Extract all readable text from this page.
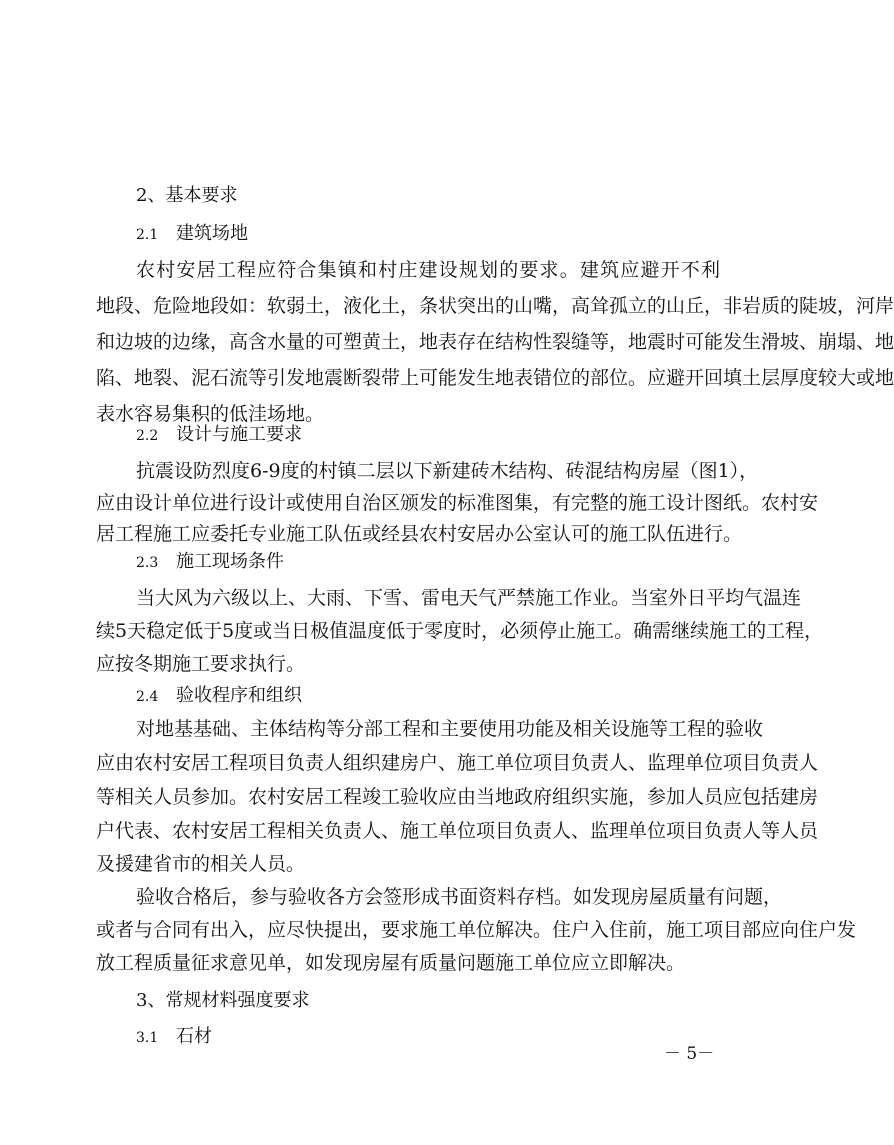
2、基本要求
2.1 建筑场地
农村安居工程应符合集镇和村庄建设规划的要求。建筑应避开不利
地段、危险地段如：软弱土，液化土，条状突出的山嘴，高耸孤立的山丘，非岩质的陡坡，河岸
和边坡的边缘，高含水量的可塑黄土，地表存在结构性裂缝等，地震时可能发生滑坡、崩塌、地
陷、地裂、泥石流等引发地震断裂带上可能发生地表错位的部位。应避开回填土层厚度较大或地
表水容易集积的低洼场地。
2.2 设计与施工要求
抗震设防烈度6-9度的村镇二层以下新建砖木结构、砖混结构房屋（图1），
应由设计单位进行设计或使用自治区颁发的标准图集，有完整的施工设计图纸。农村安
居工程施工应委托专业施工队伍或经县农村安居办公室认可的施工队伍进行。
2.3 施工现场条件
当大风为六级以上、大雨、下雪、雷电天气严禁施工作业。当室外日平均气温连
续5天稳定低于5度或当日极值温度低于零度时，必须停止施工。确需继续施工的工程，
应按冬期施工要求执行。
2.4 验收程序和组织
对地基基础、主体结构等分部工程和主要使用功能及相关设施等工程的验收
应由农村安居工程项目负责人组织建房户、施工单位项目负责人、监理单位项目负责人
等相关人员参加。农村安居工程竣工验收应由当地政府组织实施，参加人员应包括建房
户代表、农村安居工程相关负责人、施工单位项目负责人、监理单位项目负责人等人员
及援建省市的相关人员。
验收合格后，参与验收各方会签形成书面资料存档。如发现房屋质量有问题，
或者与合同有出入，应尽快提出，要求施工单位解决。住户入住前，施工项目部应向住户发
放工程质量征求意见单，如发现房屋有质量问题施工单位应立即解决。
3、常规材料强度要求
3.1 石材
－ 5－
